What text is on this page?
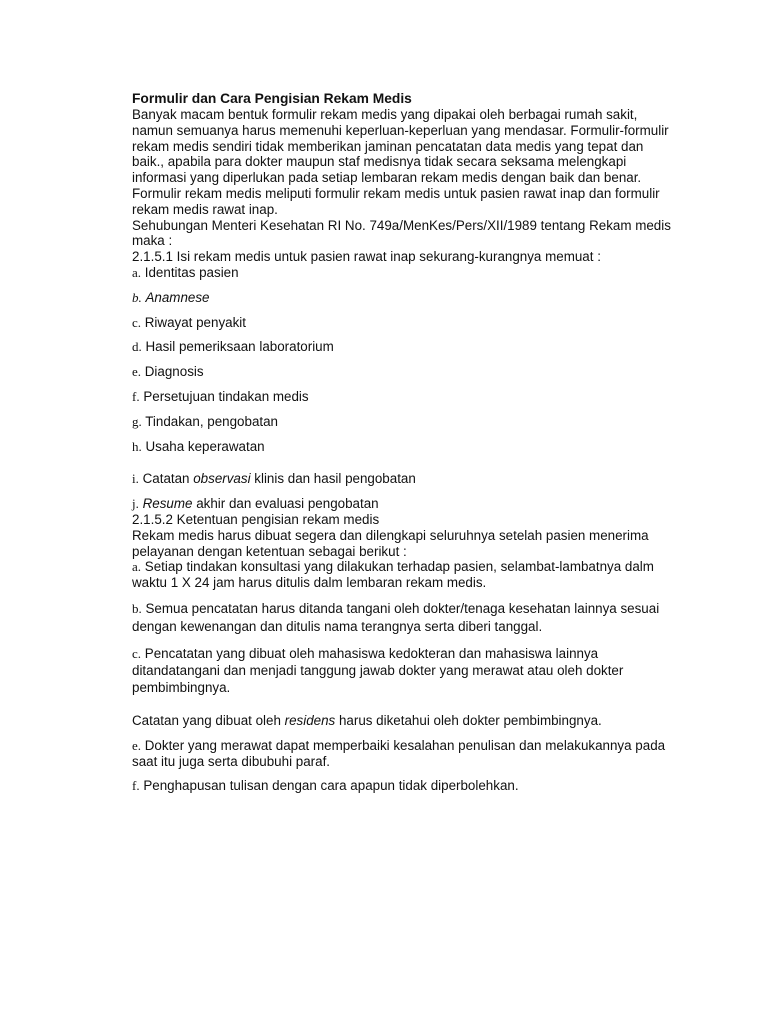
Formulir dan Cara Pengisian Rekam Medis

Banyak macam bentuk formulir rekam medis yang dipakai oleh berbagai rumah sakit,

namun semuanya harus memenuhi keperluan-keperluan yang mendasar. Formulir-formulir

rekam medis sendiri tidak memberikan jaminan pencatatan data medis yang tepat dan

baik., apabila para dokter maupun staf medisnya tidak secara seksama melengkapi

informasi yang diperlukan pada setiap lembaran rekam medis dengan baik dan benar.

Formulir rekam medis meliputi formulir rekam medis untuk pasien rawat inap dan formulir

rekam medis rawat inap.

Sehubungan Menteri Kesehatan RI No. 749a/MenKes/Pers/XII/1989 tentang Rekam medis

maka :

2.1.5.1 Isi rekam medis untuk pasien rawat inap sekurang-kurangnya memuat :

a. Identitas pasien

b. Anamnese

c. Riwayat penyakit

d. Hasil pemeriksaan laboratorium

e. Diagnosis

f. Persetujuan tindakan medis

g. Tindakan, pengobatan

h. Usaha keperawatan

i. Catatan observasi klinis dan hasil pengobatan

j. Resume akhir dan evaluasi pengobatan

2.1.5.2 Ketentuan pengisian rekam medis

Rekam medis harus dibuat segera dan dilengkapi seluruhnya setelah pasien menerima

pelayanan dengan ketentuan sebagai berikut :

a. Setiap tindakan konsultasi yang dilakukan terhadap pasien, selambat-lambatnya dalm

waktu 1 X 24 jam harus ditulis dalm lembaran rekam medis.

b. Semua pencatatan harus ditanda tangani oleh dokter/tenaga kesehatan lainnya sesuai

dengan kewenangan dan ditulis nama terangnya serta diberi tanggal.

c. Pencatatan yang dibuat oleh mahasiswa kedokteran dan mahasiswa lainnya

ditandatangani dan menjadi tanggung jawab dokter yang merawat atau oleh dokter

pembimbingnya.

Catatan yang dibuat oleh residens harus diketahui oleh dokter pembimbingnya.

e. Dokter yang merawat dapat memperbaiki kesalahan penulisan dan melakukannya pada

saat itu juga serta dibubuhi paraf.

f. Penghapusan tulisan dengan cara apapun tidak diperbolehkan.
